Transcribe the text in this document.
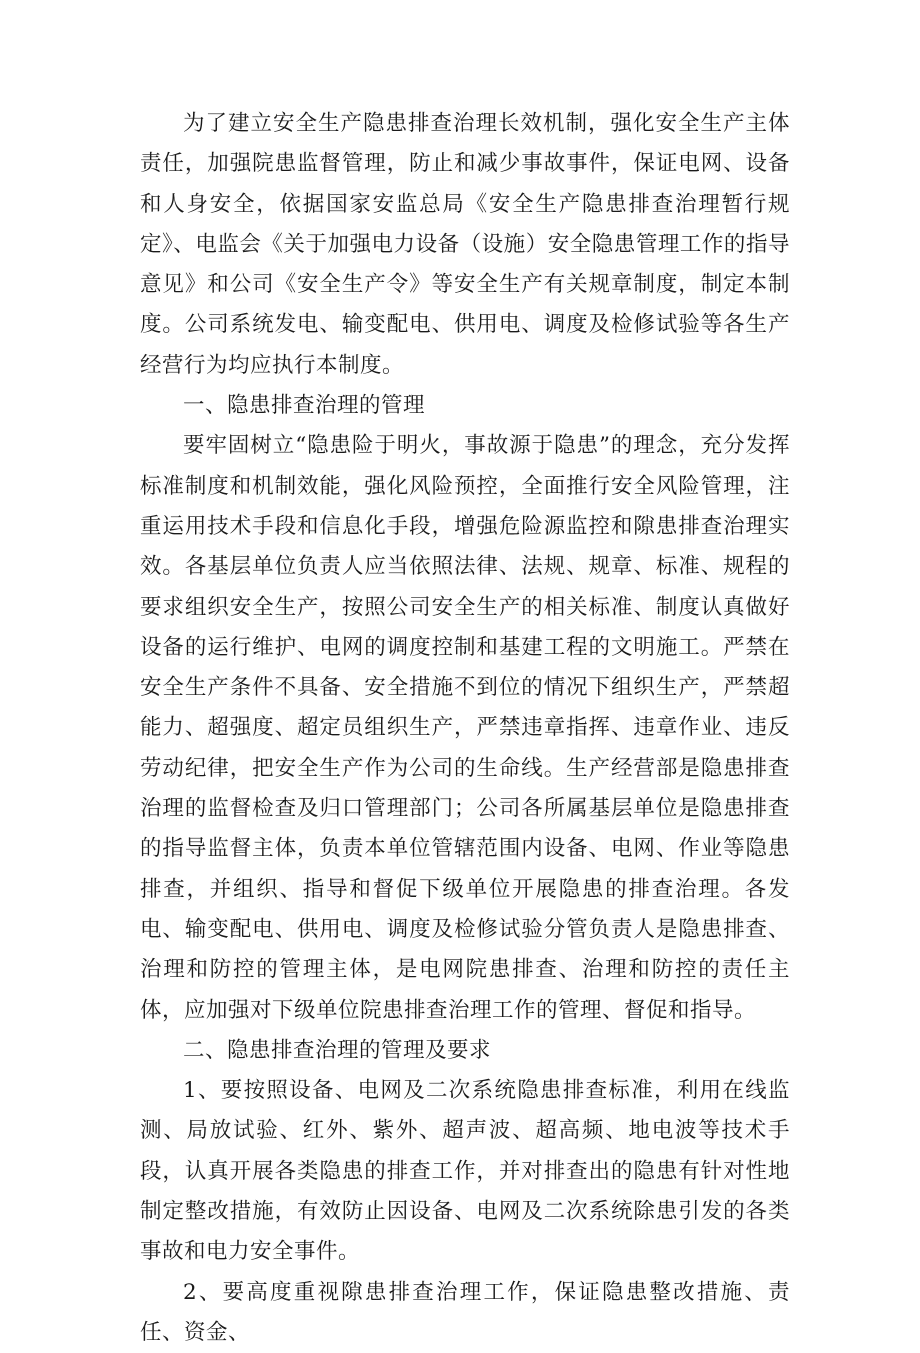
为了建立安全生产隐患排查治理长效机制，强化安全生产主体责任，加强院患监督管理，防止和减少事故事件，保证电网、设备和人身安全，依据国家安监总局《安全生产隐患排查治理暂行规定》、电监会《关于加强电力设备（设施）安全隐患管理工作的指导意见》和公司《安全生产令》等安全生产有关规章制度，制定本制度。公司系统发电、输变配电、供用电、调度及检修试验等各生产经营行为均应执行本制度。

一、隐患排查治理的管理

要牢固树立“隐患险于明火，事故源于隐患”的理念，充分发挥标准制度和机制效能，强化风险预控，全面推行安全风险管理，注重运用技术手段和信息化手段，增强危险源监控和隙患排查治理实效。各基层单位负责人应当依照法律、法规、规章、标准、规程的要求组织安全生产，按照公司安全生产的相关标准、制度认真做好设备的运行维护、电网的调度控制和基建工程的文明施工。严禁在安全生产条件不具备、安全措施不到位的情况下组织生产，严禁超能力、超强度、超定员组织生产，严禁违章指挥、违章作业、违反劳动纪律，把安全生产作为公司的生命线。生产经营部是隐患排查治理的监督检查及归口管理部门；公司各所属基层单位是隐患排查的指导监督主体，负责本单位管辖范围内设备、电网、作业等隐患排查，并组织、指导和督促下级单位开展隐患的排查治理。各发电、输变配电、供用电、调度及检修试验分管负责人是隐患排查、治理和防控的管理主体，是电网院患排查、治理和防控的责任主体，应加强对下级单位院患排查治理工作的管理、督促和指导。

二、隐患排查治理的管理及要求

1、要按照设备、电网及二次系统隐患排查标准，利用在线监测、局放试验、红外、紫外、超声波、超高频、地电波等技术手段，认真开展各类隐患的排查工作，并对排查出的隐患有针对性地制定整改措施，有效防止因设备、电网及二次系统除患引发的各类事故和电力安全事件。

2、要高度重视隙患排查治理工作，保证隐患整改措施、责任、资金、
